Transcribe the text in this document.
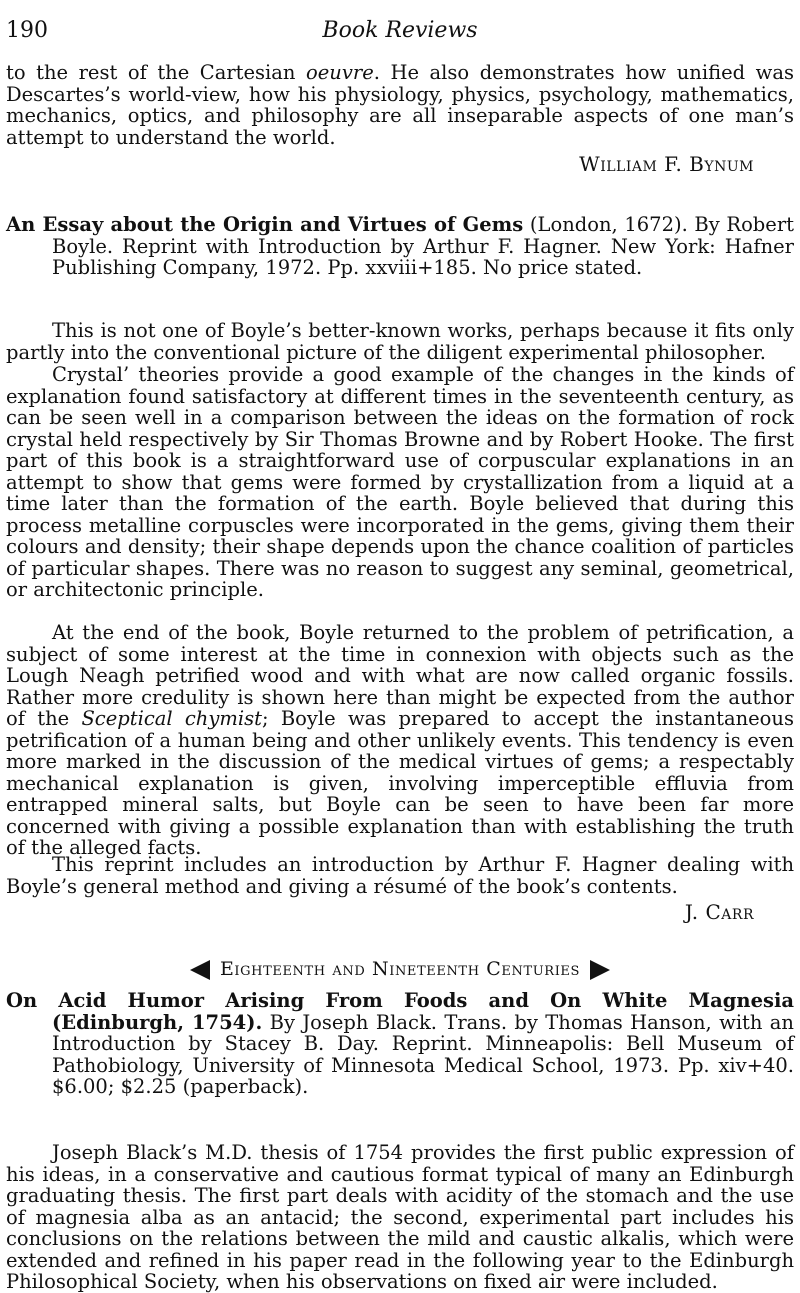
190	Book Reviews

to the rest of the Cartesian oeuvre. He also demonstrates how unified was Descartes’s world-view, how his physiology, physics, psychology, mathematics, mechanics, optics, and philosophy are all inseparable aspects of one man’s attempt to understand the world.

William F. Bynum

An Essay about the Origin and Virtues of Gems (London, 1672). By Robert Boyle. Reprint with Introduction by Arthur F. Hagner. New York: Hafner Publishing Company, 1972. Pp. xxviii+185. No price stated.

This is not one of Boyle’s better-known works, perhaps because it fits only partly into the conventional picture of the diligent experimental philosopher.

Crystal’ theories provide a good example of the changes in the kinds of explanation found satisfactory at different times in the seventeenth century, as can be seen well in a comparison between the ideas on the formation of rock crystal held respectively by Sir Thomas Browne and by Robert Hooke. The first part of this book is a straightforward use of corpuscular explanations in an attempt to show that gems were formed by crystallization from a liquid at a time later than the formation of the earth. Boyle believed that during this process metalline corpuscles were incorporated in the gems, giving them their colours and density; their shape depends upon the chance coalition of particles of particular shapes. There was no reason to suggest any seminal, geometrical, or architectonic principle.

At the end of the book, Boyle returned to the problem of petrification, a subject of some interest at the time in connexion with objects such as the Lough Neagh petrified wood and with what are now called organic fossils. Rather more credulity is shown here than might be expected from the author of the Sceptical chymist; Boyle was prepared to accept the instantaneous petrification of a human being and other unlikely events. This tendency is even more marked in the discussion of the medical virtues of gems; a respectably mechanical explanation is given, involving imperceptible effluvia from entrapped mineral salts, but Boyle can be seen to have been far more concerned with giving a possible explanation than with establishing the truth of the alleged facts.

This reprint includes an introduction by Arthur F. Hagner dealing with Boyle’s general method and giving a résumé of the book’s contents.

J. Carr
Eighteenth and Nineteenth Centuries

On Acid Humor Arising From Foods and On White Magnesia (Edinburgh, 1754). By Joseph Black. Trans. by Thomas Hanson, with an Introduction by Stacey B. Day. Reprint. Minneapolis: Bell Museum of Pathobiology, University of Minnesota Medical School, 1973. Pp. xiv+40. $6.00; $2.25 (paperback).

Joseph Black’s M.D. thesis of 1754 provides the first public expression of his ideas, in a conservative and cautious format typical of many an Edinburgh graduating thesis. The first part deals with acidity of the stomach and the use of magnesia alba as an antacid; the second, experimental part includes his conclusions on the relations between the mild and caustic alkalis, which were extended and refined in his paper read in the following year to the Edinburgh Philosophical Society, when his observations on fixed air were included.
